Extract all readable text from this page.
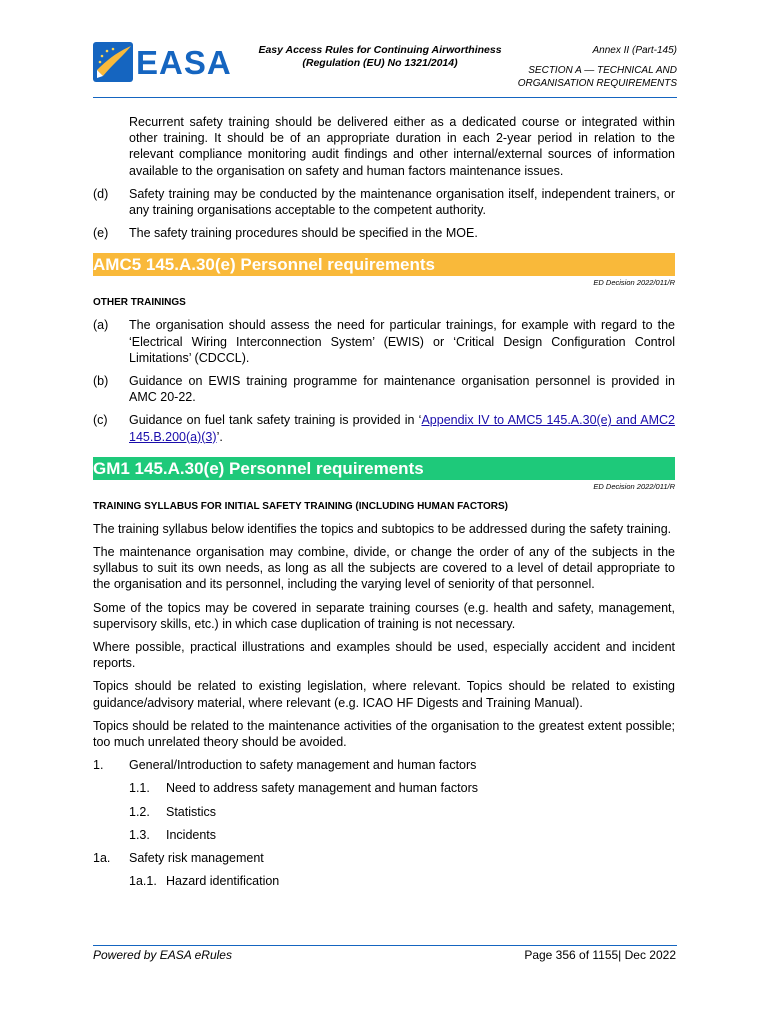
EASA	Easy Access Rules for Continuing Airworthiness
(Regulation (EU) No 1321/2014)
Annex II (Part-145)
SECTION A — TECHNICAL AND
ORGANISATION REQUIREMENTS

Recurrent safety training should be delivered either as a dedicated course or integrated within other training. It should be of an appropriate duration in each 2-year period in relation to the relevant compliance monitoring audit findings and other internal/external sources of information available to the organisation on safety and human factors maintenance issues.

(d)	Safety training may be conducted by the maintenance organisation itself, independent trainers, or any training organisations acceptable to the competent authority.
(e)	The safety training procedures should be specified in the MOE.
AMC5 145.A.30(e) Personnel requirements
ED Decision 2022/011/R
OTHER TRAININGS
(a)	The organisation should assess the need for particular trainings, for example with regard to the ‘Electrical Wiring Interconnection System’ (EWIS) or ‘Critical Design Configuration Control Limitations’ (CDCCL).
(b)	Guidance on EWIS training programme for maintenance organisation personnel is provided in AMC 20-22.
(c)	Guidance on fuel tank safety training is provided in ‘Appendix IV to AMC5 145.A.30(e) and AMC2 145.B.200(a)(3)’.
GM1 145.A.30(e) Personnel requirements
ED Decision 2022/011/R
TRAINING SYLLABUS FOR INITIAL SAFETY TRAINING (INCLUDING HUMAN FACTORS)

The training syllabus below identifies the topics and subtopics to be addressed during the safety training.

The maintenance organisation may combine, divide, or change the order of any of the subjects in the syllabus to suit its own needs, as long as all the subjects are covered to a level of detail appropriate to the organisation and its personnel, including the varying level of seniority of that personnel.

Some of the topics may be covered in separate training courses (e.g. health and safety, management, supervisory skills, etc.) in which case duplication of training is not necessary.

Where possible, practical illustrations and examples should be used, especially accident and incident reports.

Topics should be related to existing legislation, where relevant. Topics should be related to existing guidance/advisory material, where relevant (e.g. ICAO HF Digests and Training Manual).

Topics should be related to the maintenance activities of the organisation to the greatest extent possible; too much unrelated theory should be avoided.

1.	General/Introduction to safety management and human factors
1.1.	Need to address safety management and human factors
1.2.	Statistics
1.3.	Incidents
1a.	Safety risk management
1a.1. Hazard identification
Powered by EASA eRules	Page 356 of 1155| Dec 2022
